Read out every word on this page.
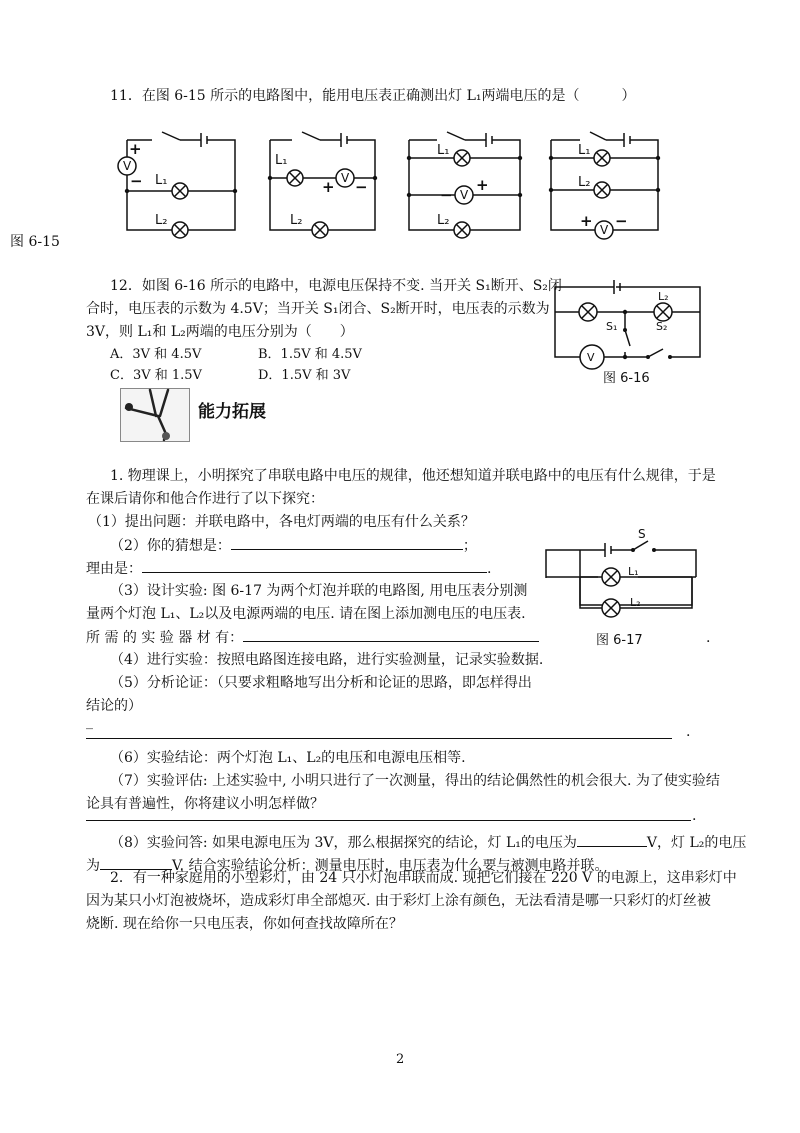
11．在图 6-15 所示的电路图中，能用电压表正确测出灯 L₁两端电压的是（　　　）
V
+
− L₁
L₂
L₁
V
+ −
L₂
L₁
V
−
+
L₂
L₁
L₂
V
+ −
图 6-15
12．如图 6-16 所示的电路中，电源电压保持不变. 当开关 S₁断开、S₂闭
合时，电压表的示数为 4.5V；当开关 S₁闭合、S₂断开时，电压表的示数为
3V，则 L₁和 L₂两端的电压分别为（　　）
A．3V 和 4.5V	B．1.5V 和 4.5V
C．3V 和 1.5V	D．1.5V 和 3V
L₂
S₁	S₂
V
图 6-16
能力拓展
1. 物理课上，小明探究了串联电路中电压的规律，他还想知道并联电路中的电压有什么规律，于是
在课后请你和他合作进行了以下探究：
（1）提出问题：并联电路中，各电灯两端的电压有什么关系？
（2）你的猜想是：	；
理由是：	.
（3）设计实验: 图 6-17 为两个灯泡并联的电路图, 用电压表分别测
量两个灯泡 L₁、L₂以及电源两端的电压. 请在图上添加测电压的电压表.
所 需 的 实 验 器 材 有：	.
（4）进行实验：按照电路图连接电路，进行实验测量，记录实验数据.
（5）分析论证：（只要求粗略地写出分析和论证的思路，即怎样得出
结论的）
_
.
（6）实验结论：两个灯泡 L₁、L₂的电压和电源电压相等.
（7）实验评估: 上述实验中, 小明只进行了一次测量，得出的结论偶然性的机会很大. 为了使实验结
论具有普遍性，你将建议小明怎样做？
.
（8）实验问答: 如果电源电压为 3V，那么根据探究的结论，灯 L₁的电压为	V，灯 L₂的电压
为	V. 结合实验结论分析：测量电压时，电压表为什么要与被测电路并联。
S
图 6-17
L₁
L₂
2．有一种家庭用的小型彩灯，由 24 只小灯泡串联而成. 现把它们接在 220 V 的电源上，这串彩灯中
因为某只小灯泡被烧坏，造成彩灯串全部熄灭. 由于彩灯上涂有颜色，无法看清是哪一只彩灯的灯丝被
烧断. 现在给你一只电压表，你如何查找故障所在？
2
